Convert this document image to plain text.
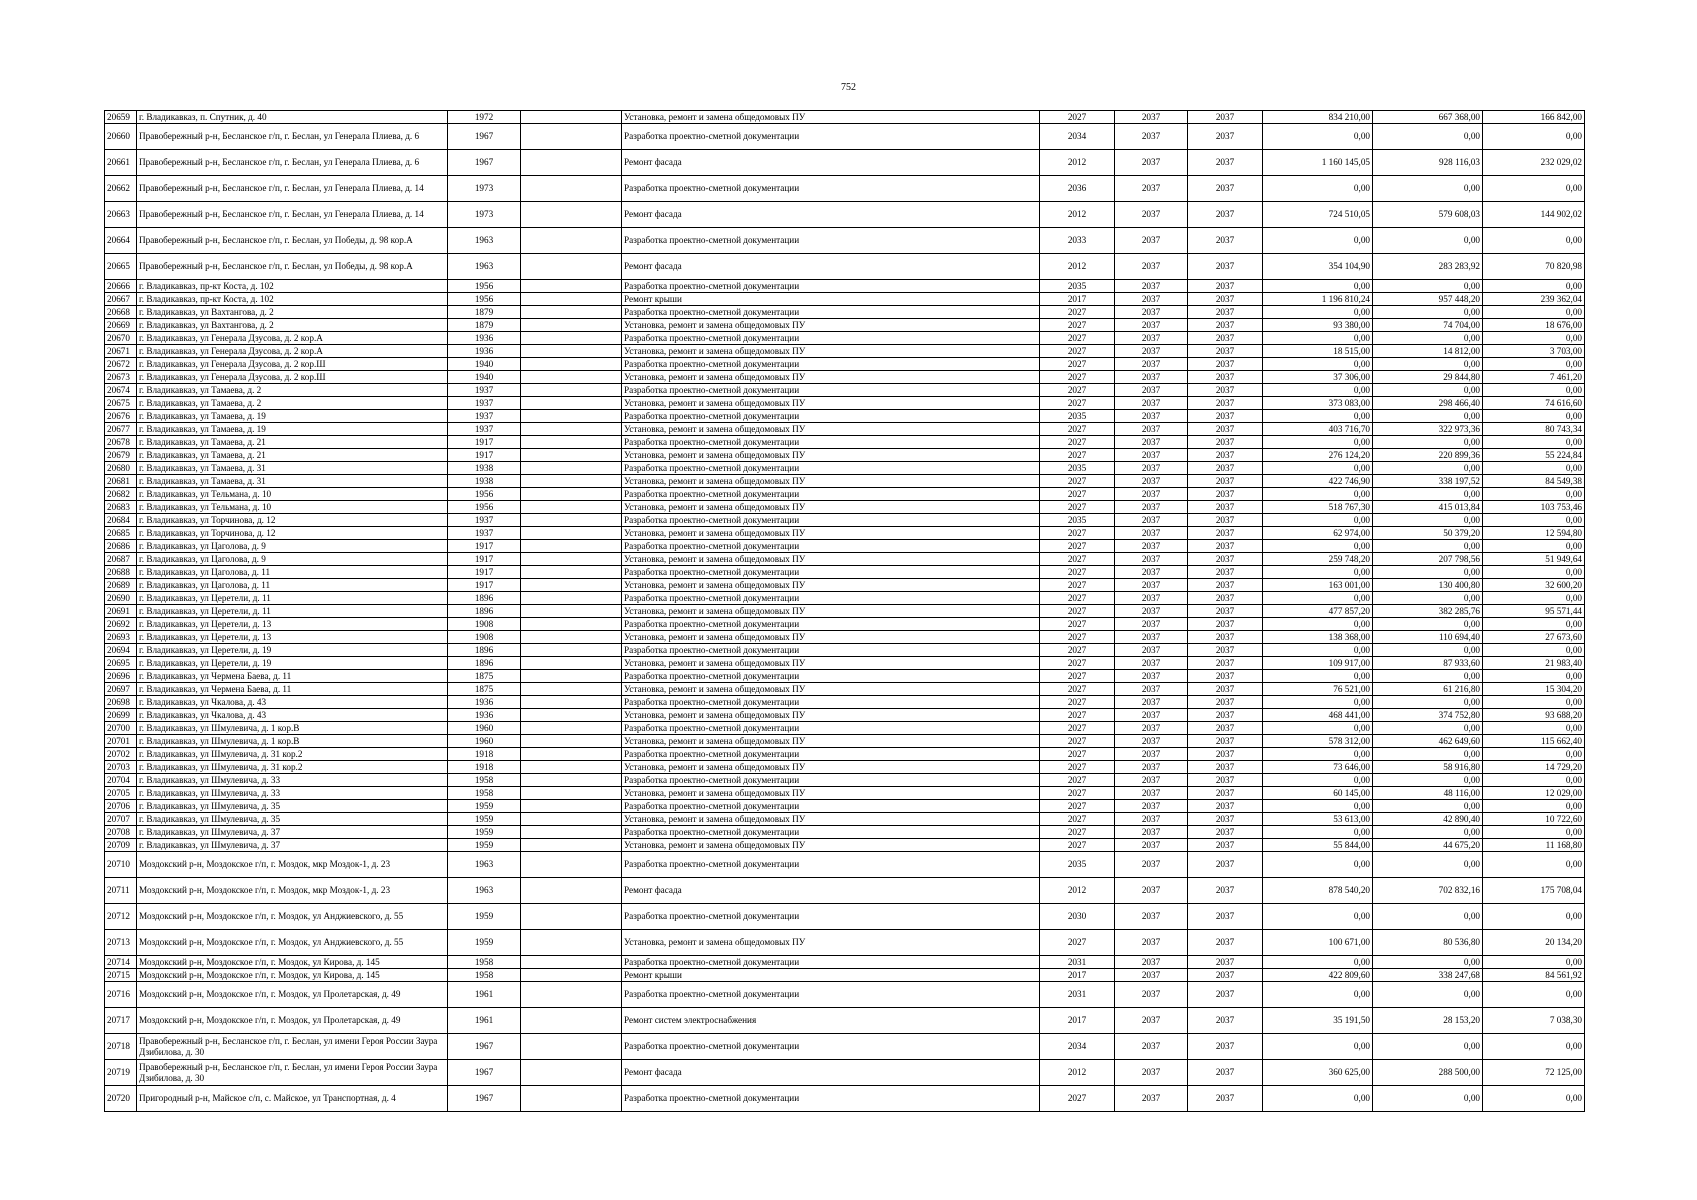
752
20659	г. Владикавказ, п. Спутник, д. 40	1972		Установка, ремонт и замена общедомовых ПУ	2027	2037	2037	834 210,00	667 368,00	166 842,00
20660	Правобережный р-н, Бесланское г/п, г. Беслан, ул Генерала Плиева, д. 6	1967		Разработка проектно-сметной документации	2034	2037	2037	0,00	0,00	0,00
20661	Правобережный р-н, Бесланское г/п, г. Беслан, ул Генерала Плиева, д. 6	1967		Ремонт фасада	2012	2037	2037	1 160 145,05	928 116,03	232 029,02
20662	Правобережный р-н, Бесланское г/п, г. Беслан, ул Генерала Плиева, д. 14	1973		Разработка проектно-сметной документации	2036	2037	2037	0,00	0,00	0,00
20663	Правобережный р-н, Бесланское г/п, г. Беслан, ул Генерала Плиева, д. 14	1973		Ремонт фасада	2012	2037	2037	724 510,05	579 608,03	144 902,02
20664	Правобережный р-н, Бесланское г/п, г. Беслан, ул Победы, д. 98 кор.А	1963		Разработка проектно-сметной документации	2033	2037	2037	0,00	0,00	0,00
20665	Правобережный р-н, Бесланское г/п, г. Беслан, ул Победы, д. 98 кор.А	1963		Ремонт фасада	2012	2037	2037	354 104,90	283 283,92	70 820,98
20666	г. Владикавказ, пр-кт Коста, д. 102	1956		Разработка проектно-сметной документации	2035	2037	2037	0,00	0,00	0,00
20667	г. Владикавказ, пр-кт Коста, д. 102	1956		Ремонт крыши	2017	2037	2037	1 196 810,24	957 448,20	239 362,04
20668	г. Владикавказ, ул Вахтангова, д. 2	1879		Разработка проектно-сметной документации	2027	2037	2037	0,00	0,00	0,00
20669	г. Владикавказ, ул Вахтангова, д. 2	1879		Установка, ремонт и замена общедомовых ПУ	2027	2037	2037	93 380,00	74 704,00	18 676,00
20670	г. Владикавказ, ул Генерала Дзусова, д. 2 кор.А	1936		Разработка проектно-сметной документации	2027	2037	2037	0,00	0,00	0,00
20671	г. Владикавказ, ул Генерала Дзусова, д. 2 кор.А	1936		Установка, ремонт и замена общедомовых ПУ	2027	2037	2037	18 515,00	14 812,00	3 703,00
20672	г. Владикавказ, ул Генерала Дзусова, д. 2 кор.Ш	1940		Разработка проектно-сметной документации	2027	2037	2037	0,00	0,00	0,00
20673	г. Владикавказ, ул Генерала Дзусова, д. 2 кор.Ш	1940		Установка, ремонт и замена общедомовых ПУ	2027	2037	2037	37 306,00	29 844,80	7 461,20
20674	г. Владикавказ, ул Тамаева, д. 2	1937		Разработка проектно-сметной документации	2027	2037	2037	0,00	0,00	0,00
20675	г. Владикавказ, ул Тамаева, д. 2	1937		Установка, ремонт и замена общедомовых ПУ	2027	2037	2037	373 083,00	298 466,40	74 616,60
20676	г. Владикавказ, ул Тамаева, д. 19	1937		Разработка проектно-сметной документации	2035	2037	2037	0,00	0,00	0,00
20677	г. Владикавказ, ул Тамаева, д. 19	1937		Установка, ремонт и замена общедомовых ПУ	2027	2037	2037	403 716,70	322 973,36	80 743,34
20678	г. Владикавказ, ул Тамаева, д. 21	1917		Разработка проектно-сметной документации	2027	2037	2037	0,00	0,00	0,00
20679	г. Владикавказ, ул Тамаева, д. 21	1917		Установка, ремонт и замена общедомовых ПУ	2027	2037	2037	276 124,20	220 899,36	55 224,84
20680	г. Владикавказ, ул Тамаева, д. 31	1938		Разработка проектно-сметной документации	2035	2037	2037	0,00	0,00	0,00
20681	г. Владикавказ, ул Тамаева, д. 31	1938		Установка, ремонт и замена общедомовых ПУ	2027	2037	2037	422 746,90	338 197,52	84 549,38
20682	г. Владикавказ, ул Тельмана, д. 10	1956		Разработка проектно-сметной документации	2027	2037	2037	0,00	0,00	0,00
20683	г. Владикавказ, ул Тельмана, д. 10	1956		Установка, ремонт и замена общедомовых ПУ	2027	2037	2037	518 767,30	415 013,84	103 753,46
20684	г. Владикавказ, ул Торчинова, д. 12	1937		Разработка проектно-сметной документации	2035	2037	2037	0,00	0,00	0,00
20685	г. Владикавказ, ул Торчинова, д. 12	1937		Установка, ремонт и замена общедомовых ПУ	2027	2037	2037	62 974,00	50 379,20	12 594,80
20686	г. Владикавказ, ул Цаголова, д. 9	1917		Разработка проектно-сметной документации	2027	2037	2037	0,00	0,00	0,00
20687	г. Владикавказ, ул Цаголова, д. 9	1917		Установка, ремонт и замена общедомовых ПУ	2027	2037	2037	259 748,20	207 798,56	51 949,64
20688	г. Владикавказ, ул Цаголова, д. 11	1917		Разработка проектно-сметной документации	2027	2037	2037	0,00	0,00	0,00
20689	г. Владикавказ, ул Цаголова, д. 11	1917		Установка, ремонт и замена общедомовых ПУ	2027	2037	2037	163 001,00	130 400,80	32 600,20
20690	г. Владикавказ, ул Церетели, д. 11	1896		Разработка проектно-сметной документации	2027	2037	2037	0,00	0,00	0,00
20691	г. Владикавказ, ул Церетели, д. 11	1896		Установка, ремонт и замена общедомовых ПУ	2027	2037	2037	477 857,20	382 285,76	95 571,44
20692	г. Владикавказ, ул Церетели, д. 13	1908		Разработка проектно-сметной документации	2027	2037	2037	0,00	0,00	0,00
20693	г. Владикавказ, ул Церетели, д. 13	1908		Установка, ремонт и замена общедомовых ПУ	2027	2037	2037	138 368,00	110 694,40	27 673,60
20694	г. Владикавказ, ул Церетели, д. 19	1896		Разработка проектно-сметной документации	2027	2037	2037	0,00	0,00	0,00
20695	г. Владикавказ, ул Церетели, д. 19	1896		Установка, ремонт и замена общедомовых ПУ	2027	2037	2037	109 917,00	87 933,60	21 983,40
20696	г. Владикавказ, ул Чермена Баева, д. 11	1875		Разработка проектно-сметной документации	2027	2037	2037	0,00	0,00	0,00
20697	г. Владикавказ, ул Чермена Баева, д. 11	1875		Установка, ремонт и замена общедомовых ПУ	2027	2037	2037	76 521,00	61 216,80	15 304,20
20698	г. Владикавказ, ул Чкалова, д. 43	1936		Разработка проектно-сметной документации	2027	2037	2037	0,00	0,00	0,00
20699	г. Владикавказ, ул Чкалова, д. 43	1936		Установка, ремонт и замена общедомовых ПУ	2027	2037	2037	468 441,00	374 752,80	93 688,20
20700	г. Владикавказ, ул Шмулевича, д. 1 кор.В	1960		Разработка проектно-сметной документации	2027	2037	2037	0,00	0,00	0,00
20701	г. Владикавказ, ул Шмулевича, д. 1 кор.В	1960		Установка, ремонт и замена общедомовых ПУ	2027	2037	2037	578 312,00	462 649,60	115 662,40
20702	г. Владикавказ, ул Шмулевича, д. 31 кор.2	1918		Разработка проектно-сметной документации	2027	2037	2037	0,00	0,00	0,00
20703	г. Владикавказ, ул Шмулевича, д. 31 кор.2	1918		Установка, ремонт и замена общедомовых ПУ	2027	2037	2037	73 646,00	58 916,80	14 729,20
20704	г. Владикавказ, ул Шмулевича, д. 33	1958		Разработка проектно-сметной документации	2027	2037	2037	0,00	0,00	0,00
20705	г. Владикавказ, ул Шмулевича, д. 33	1958		Установка, ремонт и замена общедомовых ПУ	2027	2037	2037	60 145,00	48 116,00	12 029,00
20706	г. Владикавказ, ул Шмулевича, д. 35	1959		Разработка проектно-сметной документации	2027	2037	2037	0,00	0,00	0,00
20707	г. Владикавказ, ул Шмулевича, д. 35	1959		Установка, ремонт и замена общедомовых ПУ	2027	2037	2037	53 613,00	42 890,40	10 722,60
20708	г. Владикавказ, ул Шмулевича, д. 37	1959		Разработка проектно-сметной документации	2027	2037	2037	0,00	0,00	0,00
20709	г. Владикавказ, ул Шмулевича, д. 37	1959		Установка, ремонт и замена общедомовых ПУ	2027	2037	2037	55 844,00	44 675,20	11 168,80
20710	Моздокский р-н, Моздокское г/п, г. Моздок, мкр Моздок-1, д. 23	1963		Разработка проектно-сметной документации	2035	2037	2037	0,00	0,00	0,00
20711	Моздокский р-н, Моздокское г/п, г. Моздок, мкр Моздок-1, д. 23	1963		Ремонт фасада	2012	2037	2037	878 540,20	702 832,16	175 708,04
20712	Моздокский р-н, Моздокское г/п, г. Моздок, ул Анджиевского, д. 55	1959		Разработка проектно-сметной документации	2030	2037	2037	0,00	0,00	0,00
20713	Моздокский р-н, Моздокское г/п, г. Моздок, ул Анджиевского, д. 55	1959		Установка, ремонт и замена общедомовых ПУ	2027	2037	2037	100 671,00	80 536,80	20 134,20
20714	Моздокский р-н, Моздокское г/п, г. Моздок, ул Кирова, д. 145	1958		Разработка проектно-сметной документации	2031	2037	2037	0,00	0,00	0,00
20715	Моздокский р-н, Моздокское г/п, г. Моздок, ул Кирова, д. 145	1958		Ремонт крыши	2017	2037	2037	422 809,60	338 247,68	84 561,92
20716	Моздокский р-н, Моздокское г/п, г. Моздок, ул Пролетарская, д. 49	1961		Разработка проектно-сметной документации	2031	2037	2037	0,00	0,00	0,00
20717	Моздокский р-н, Моздокское г/п, г. Моздок, ул Пролетарская, д. 49	1961		Ремонт систем электроснабжения	2017	2037	2037	35 191,50	28 153,20	7 038,30
20718	Правобережный р-н, Бесланское г/п, г. Беслан, ул имени Героя России Заура Дзибилова, д. 30	1967		Разработка проектно-сметной документации	2034	2037	2037	0,00	0,00	0,00
20719	Правобережный р-н, Бесланское г/п, г. Беслан, ул имени Героя России Заура Дзибилова, д. 30	1967		Ремонт фасада	2012	2037	2037	360 625,00	288 500,00	72 125,00
20720	Пригородный р-н, Майское с/п, с. Майское, ул Транспортная, д. 4	1967		Разработка проектно-сметной документации	2027	2037	2037	0,00	0,00	0,00
